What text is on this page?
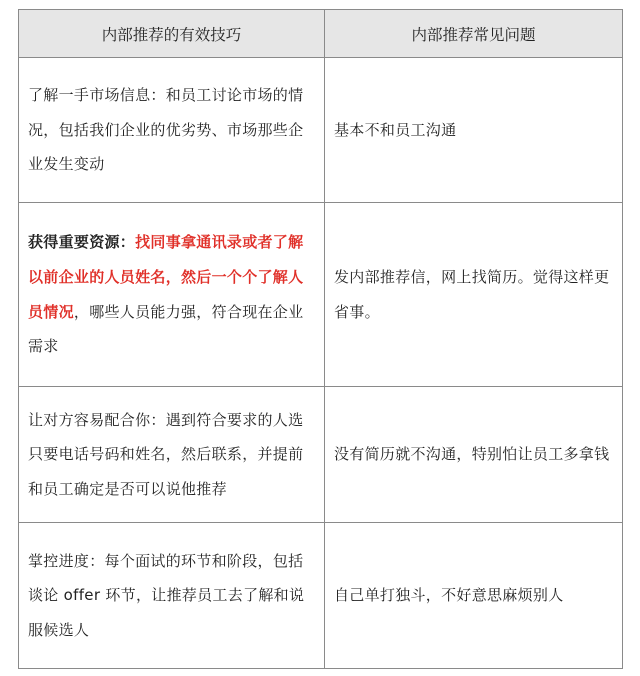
内部推荐的有效技巧	内部推荐常见问题
了解一手市场信息：和员工讨论市场的情况，包括我们企业的优劣势、市场那些企业发生变动	基本不和员工沟通
获得重要资源：找同事拿通讯录或者了解以前企业的人员姓名，然后一个个了解人员情况，哪些人员能力强，符合现在企业需求	发内部推荐信，网上找简历。觉得这样更省事。
让对方容易配合你：遇到符合要求的人选只要电话号码和姓名，然后联系，并提前和员工确定是否可以说他推荐	没有简历就不沟通，特别怕让员工多拿钱
掌控进度：每个面试的环节和阶段，包括谈论 offer 环节，让推荐员工去了解和说服候选人	自己单打独斗，不好意思麻烦别人
